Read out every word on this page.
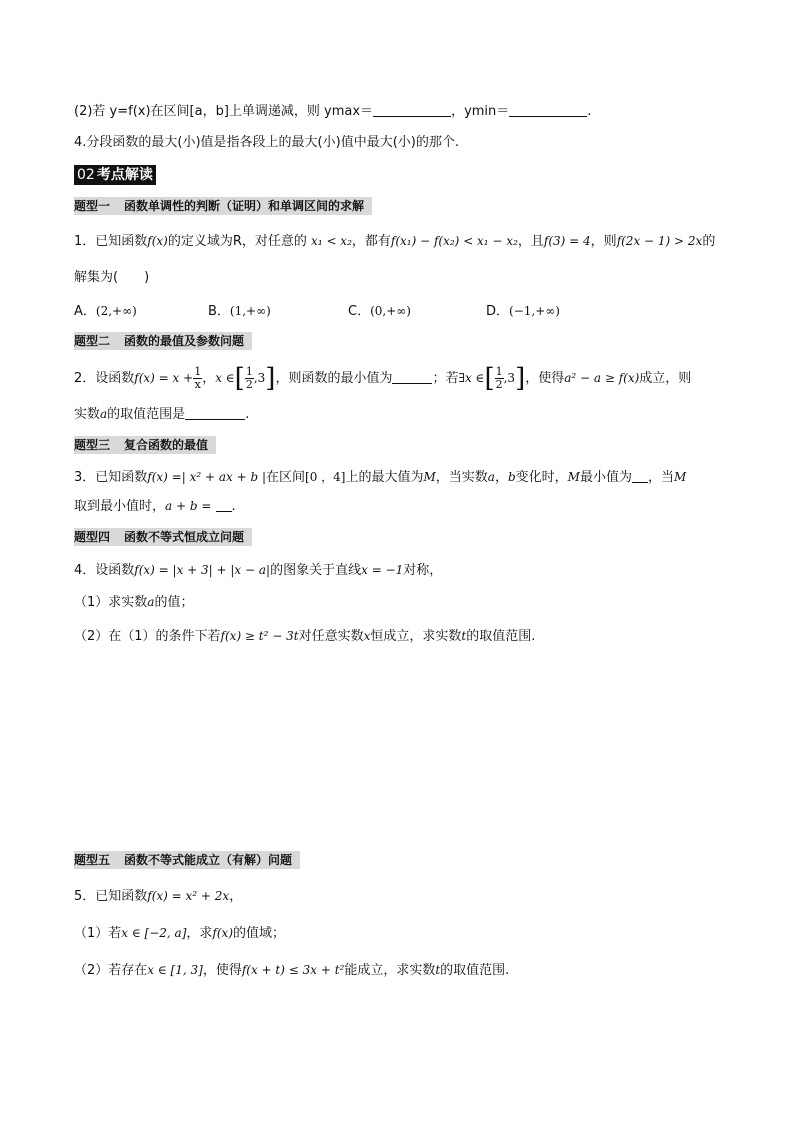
(2)若 y=f(x)在区间[a，b]上单调递减，则 ymax＝	，ymin＝	.
4.分段函数的最大(小)值是指各段上的最大(小)值中最大(小)的那个.
02 考点解读
题型一 函数单调性的判断（证明）和单调区间的求解
1．已知函数f(x)的定义域为R，对任意的 x₁ < x₂，都有f(x₁) − f(x₂) < x₁ − x₂，且f(3) = 4，则f(2x − 1) > 2x的
解集为(　　)
A．(2,+∞)	B．(1,+∞)	C．(0,+∞)	D．(−1,+∞)
题型二 函数的最值及参数问题
2．设函数$f(x) = x + \frac{1}{x}$ ，x ∈[ $\frac{1}{2} ,3$]，则函数的最小值为	；若∃x ∈[ $\frac{1}{2} ,3$]，使得a² − a ≥ f(x)成立，则
实数a的取值范围是	.
题型三 复合函数的最值
3．已知函数f(x) =| x² + ax + b |在区间[0 ，4]上的最大值为M，当实数a，b变化时，M最小值为 ，当M
取到最小值时，a + b = .
题型四 函数不等式恒成立问题
4．设函数f(x) = |x + 3| + |x − a|的图象关于直线x = −1对称，
（1）求实数a的值；
（2）在（1）的条件下若f(x) ≥ t² − 3t对任意实数x恒成立，求实数t的取值范围.
题型五 函数不等式能成立（有解）问题
5．已知函数f(x) = x² + 2x，
（1）若x ∈ [−2, a]，求f(x)的值域；
（2）若存在x ∈ [1, 3]，使得f(x + t) ≤ 3x + t²能成立，求实数t的取值范围.
